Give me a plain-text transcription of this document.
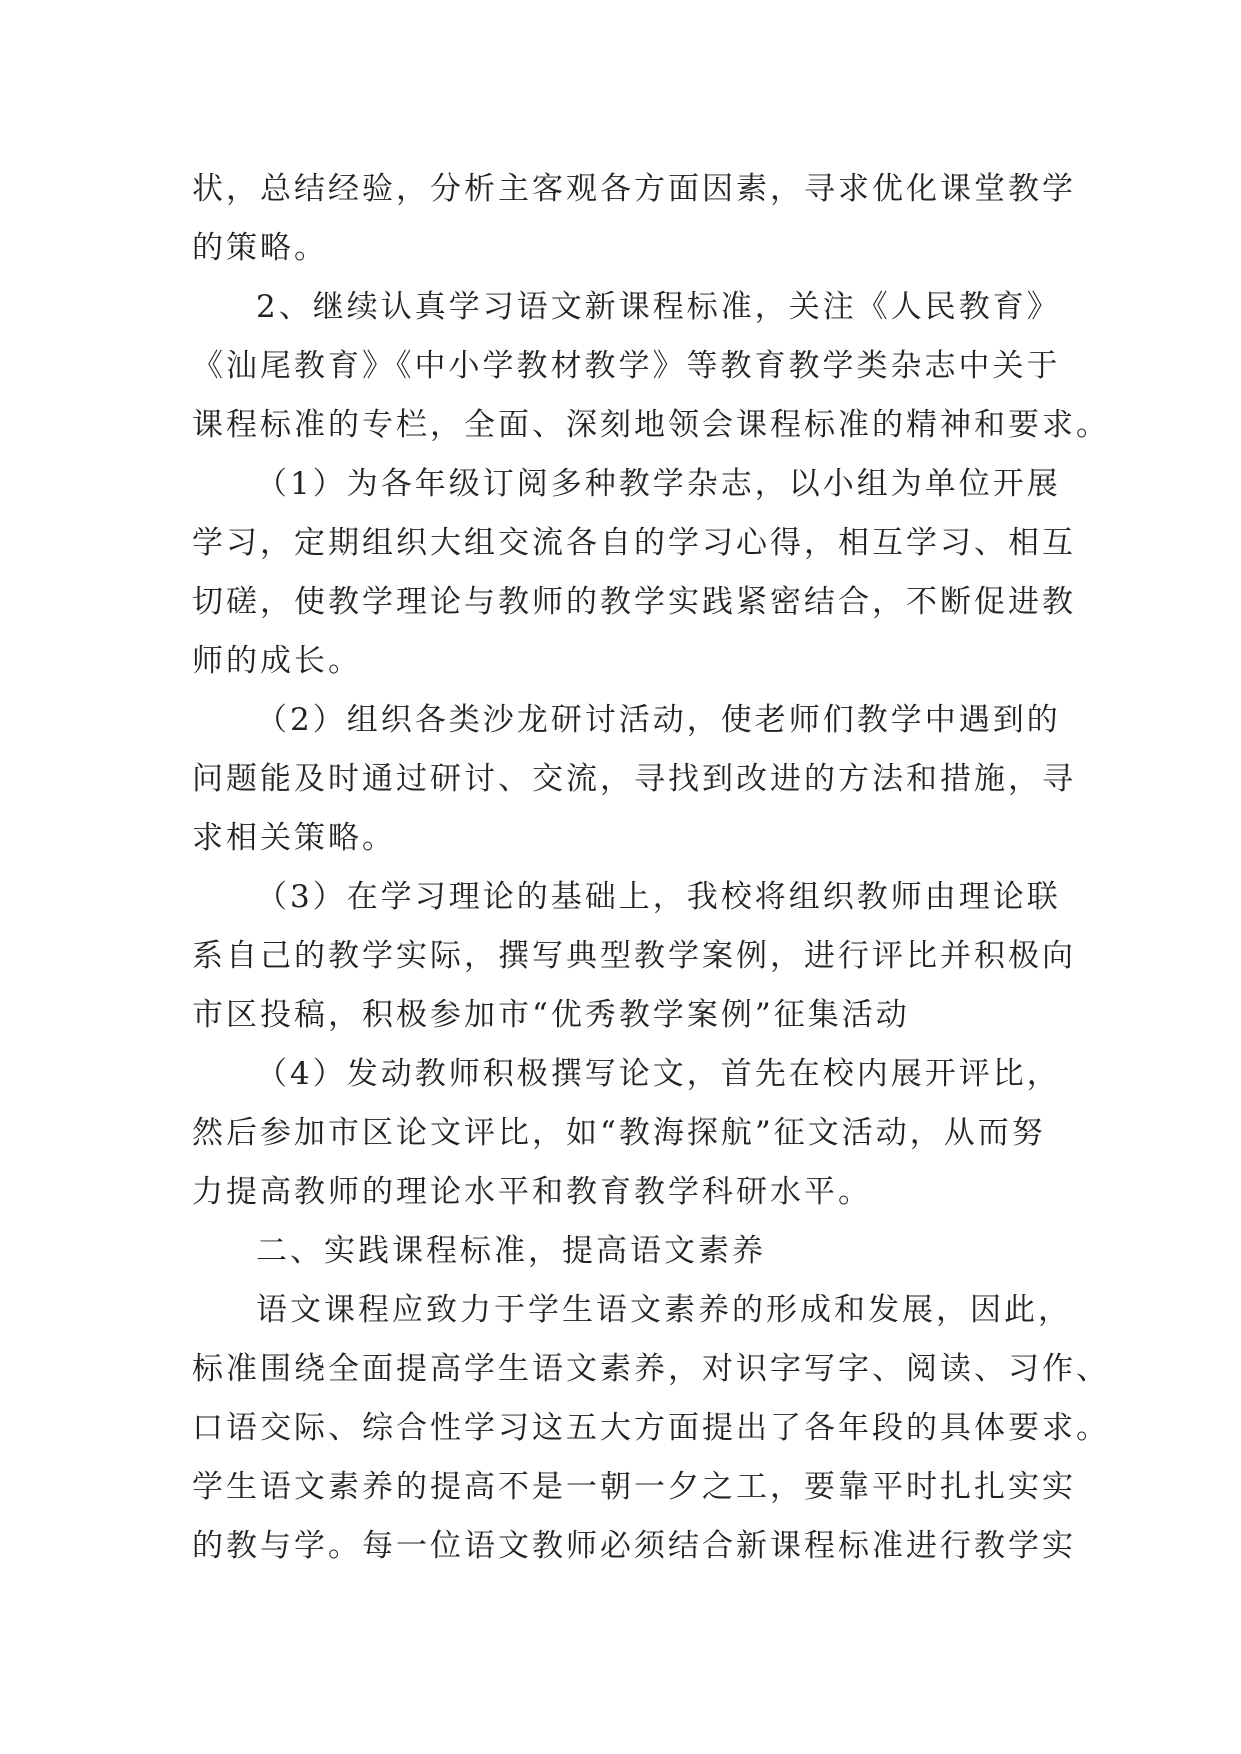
状，总结经验，分析主客观各方面因素，寻求优化课堂教学
的策略。
2、继续认真学习语文新课程标准，关注《人民教育》
《汕尾教育》《中小学教材教学》等教育教学类杂志中关于
课程标准的专栏，全面、深刻地领会课程标准的精神和要求。
（1）为各年级订阅多种教学杂志，以小组为单位开展
学习，定期组织大组交流各自的学习心得，相互学习、相互
切磋，使教学理论与教师的教学实践紧密结合，不断促进教
师的成长。
（2）组织各类沙龙研讨活动，使老师们教学中遇到的
问题能及时通过研讨、交流，寻找到改进的方法和措施，寻
求相关策略。
（3）在学习理论的基础上，我校将组织教师由理论联
系自己的教学实际，撰写典型教学案例，进行评比并积极向
市区投稿，积极参加市“优秀教学案例”征集活动
（4）发动教师积极撰写论文，首先在校内展开评比，
然后参加市区论文评比，如“教海探航”征文活动，从而努
力提高教师的理论水平和教育教学科研水平。
二、实践课程标准，提高语文素养
语文课程应致力于学生语文素养的形成和发展，因此，
标准围绕全面提高学生语文素养，对识字写字、阅读、习作、
口语交际、综合性学习这五大方面提出了各年段的具体要求。
学生语文素养的提高不是一朝一夕之工，要靠平时扎扎实实
的教与学。每一位语文教师必须结合新课程标准进行教学实
